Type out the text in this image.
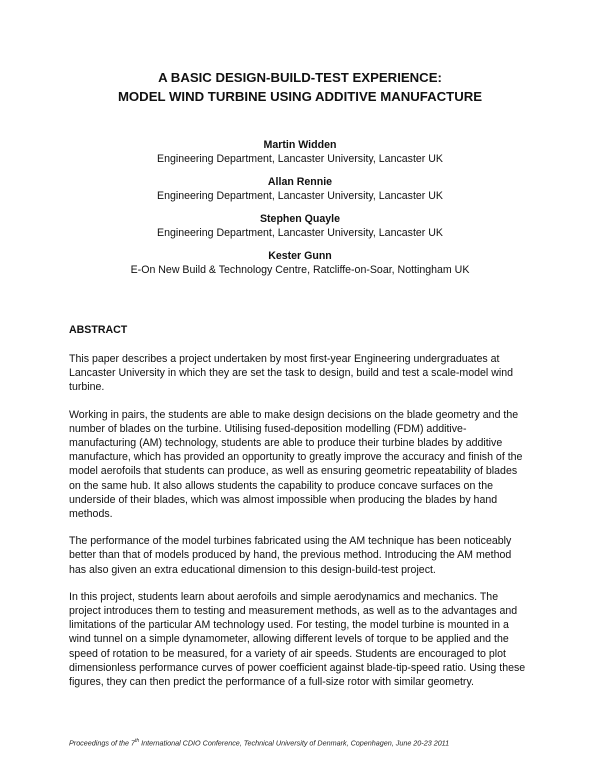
A BASIC DESIGN-BUILD-TEST EXPERIENCE:
MODEL WIND TURBINE USING ADDITIVE MANUFACTURE
Martin Widden
Engineering Department, Lancaster University, Lancaster UK
Allan Rennie
Engineering Department, Lancaster University, Lancaster UK
Stephen Quayle
Engineering Department, Lancaster University, Lancaster UK
Kester Gunn
E-On New Build & Technology Centre, Ratcliffe-on-Soar, Nottingham UK
ABSTRACT

This paper describes a project undertaken by most first-year Engineering undergraduates at Lancaster University in which they are set the task to design, build and test a scale-model wind turbine.

Working in pairs, the students are able to make design decisions on the blade geometry and the number of blades on the turbine. Utilising fused-deposition modelling (FDM) additive-manufacturing (AM) technology, students are able to produce their turbine blades by additive manufacture, which has provided an opportunity to greatly improve the accuracy and finish of the model aerofoils that students can produce, as well as ensuring geometric repeatability of blades on the same hub. It also allows students the capability to produce concave surfaces on the underside of their blades, which was almost impossible when producing the blades by hand methods.

The performance of the model turbines fabricated using the AM technique has been noticeably better than that of models produced by hand, the previous method. Introducing the AM method has also given an extra educational dimension to this design-build-test project.

In this project, students learn about aerofoils and simple aerodynamics and mechanics. The project introduces them to testing and measurement methods, as well as to the advantages and limitations of the particular AM technology used. For testing, the model turbine is mounted in a wind tunnel on a simple dynamometer, allowing different levels of torque to be applied and the speed of rotation to be measured, for a variety of air speeds. Students are encouraged to plot dimensionless performance curves of power coefficient against blade-tip-speed ratio. Using these figures, they can then predict the performance of a full-size rotor with similar geometry.

Proceedings of the 7th International CDIO Conference, Technical University of Denmark, Copenhagen, June 20-23 2011
